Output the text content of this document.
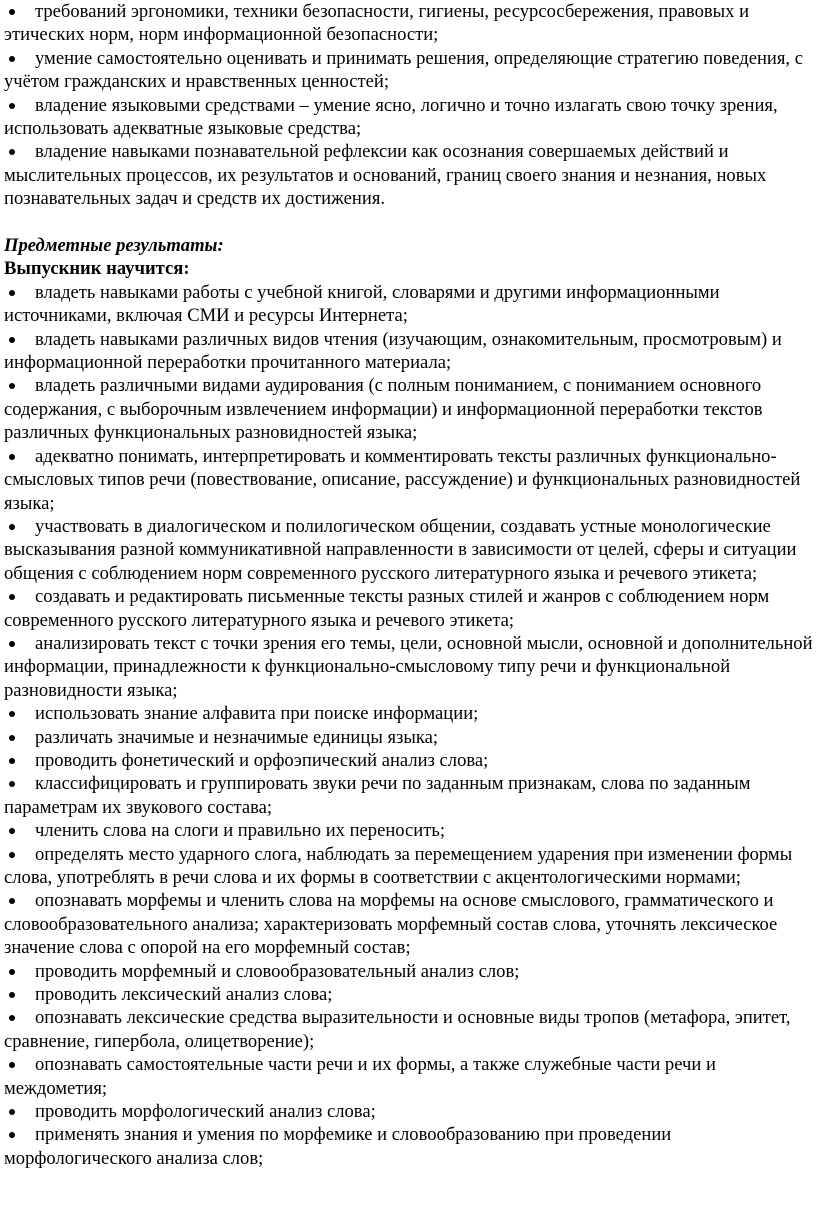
требований эргономики, техники безопасности, гигиены, ресурсосбережения, правовых и этических норм, норм информационной безопасности;
умение самостоятельно оценивать и принимать решения, определяющие стратегию поведения, с учётом гражданских и нравственных ценностей;
владение языковыми средствами – умение ясно, логично и точно излагать свою точку зрения, использовать адекватные языковые средства;
владение навыками познавательной рефлексии как осознания совершаемых действий и мыслительных процессов, их результатов и оснований, границ своего знания и незнания, новых познавательных задач и средств их достижения.
Предметные результаты:
Выпускник научится:
владеть навыками работы с учебной книгой, словарями и другими информационными источниками, включая СМИ и ресурсы Интернета;
владеть навыками различных видов чтения (изучающим, ознакомительным, просмотровым) и информационной переработки прочитанного материала;
владеть различными видами аудирования (с полным пониманием, с пониманием основного содержания, с выборочным извлечением информации) и информационной переработки текстов различных функциональных разновидностей языка;
адекватно понимать, интерпретировать и комментировать тексты различных функционально-смысловых типов речи (повествование, описание, рассуждение) и функциональных разновидностей языка;
участвовать в диалогическом и полилогическом общении, создавать устные монологические высказывания разной коммуникативной направленности в зависимости от целей, сферы и ситуации общения с соблюдением норм современного русского литературного языка и речевого этикета;
создавать и редактировать письменные тексты разных стилей и жанров с соблюдением норм современного русского литературного языка и речевого этикета;
анализировать текст с точки зрения его темы, цели, основной мысли, основной и дополнительной информации, принадлежности к функционально-смысловому типу речи и функциональной разновидности языка;
использовать знание алфавита при поиске информации;
различать значимые и незначимые единицы языка;
проводить фонетический и орфоэпический анализ слова;
классифицировать и группировать звуки речи по заданным признакам, слова по заданным параметрам их звукового состава;
членить слова на слоги и правильно их переносить;
определять место ударного слога, наблюдать за перемещением ударения при изменении формы слова, употреблять в речи слова и их формы в соответствии с акцентологическими нормами;
опознавать морфемы и членить слова на морфемы на основе смыслового, грамматического и словообразовательного анализа; характеризовать морфемный состав слова, уточнять лексическое значение слова с опорой на его морфемный состав;
проводить морфемный и словообразовательный анализ слов;
проводить лексический анализ слова;
опознавать лексические средства выразительности и основные виды тропов (метафора, эпитет, сравнение, гипербола, олицетворение);
опознавать самостоятельные части речи и их формы, а также служебные части речи и междометия;
проводить морфологический анализ слова;
применять знания и умения по морфемике и словообразованию при проведении морфологического анализа слов;
